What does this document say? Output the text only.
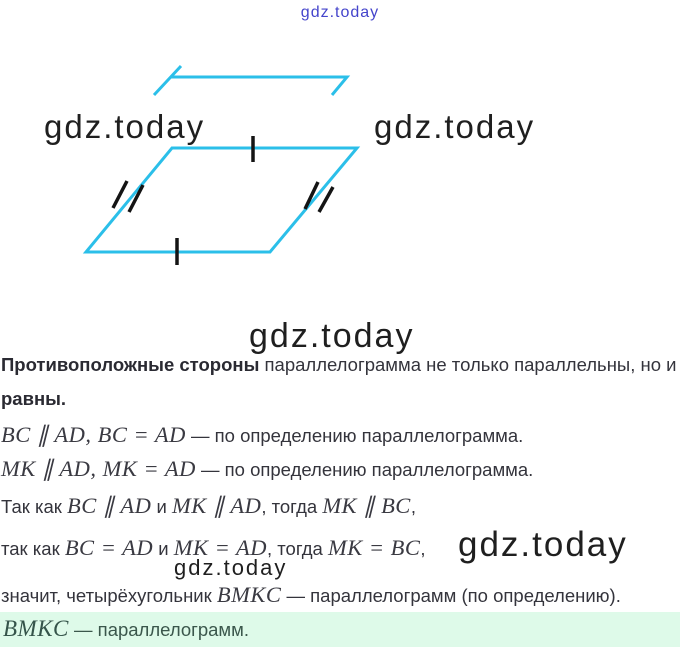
gdz.today
gdz.today	gdz.today
gdz.today
gdz.today
gdz.today
Противоположные стороны параллелограмма не только параллельны, но и
равны.
BC ∥ AD, BC = AD — по определению параллелограмма.
MK ∥ AD, MK = AD — по определению параллелограмма.
Так как BC ∥ AD и MK ∥ AD, тогда MK ∥ BC,
так как BC = AD и MK = AD, тогда MK = BC,
значит, четырёхугольник BMKC — параллелограмм (по определению).
BMKC — параллелограмм.
